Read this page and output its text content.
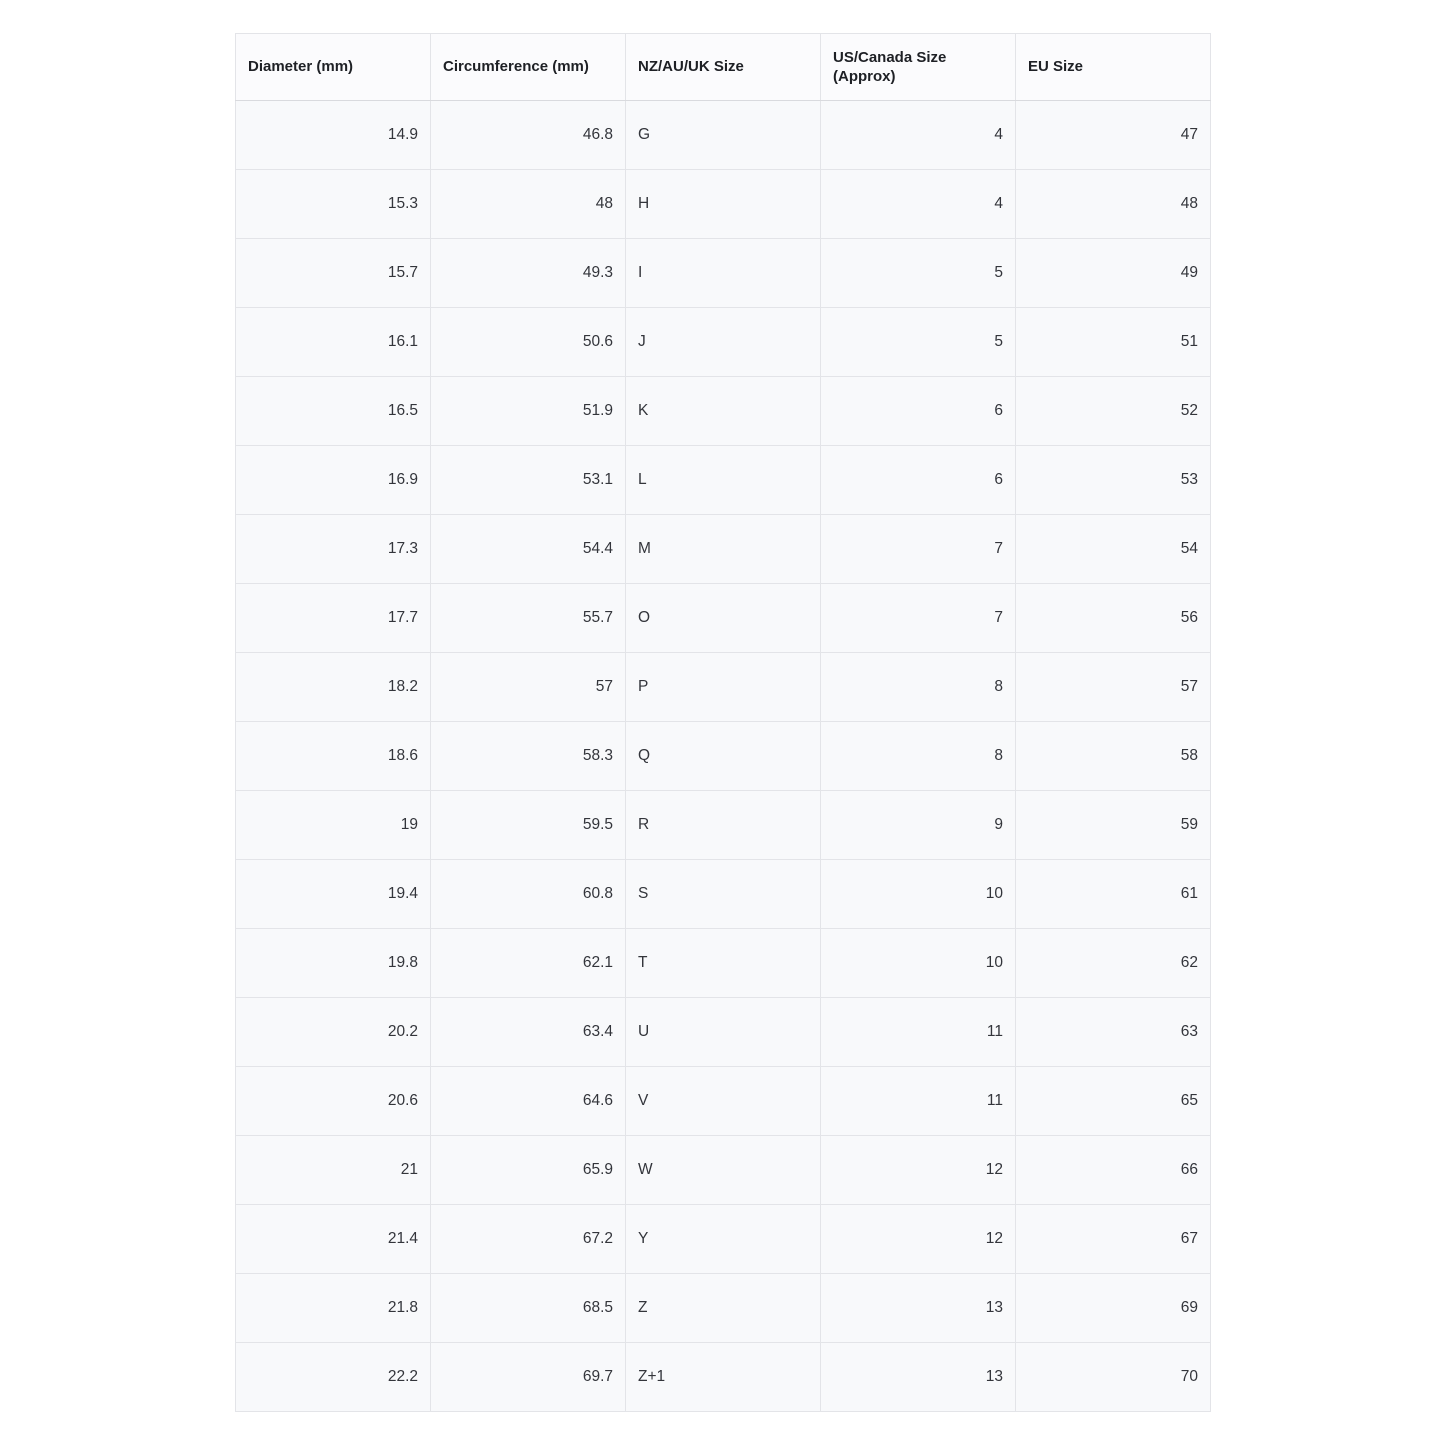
Diameter (mm)	Circumference (mm)	NZ/AU/UK Size	US/Canada Size (Approx)	EU Size
14.9	46.8	G	4	47
15.3	48	H	4	48
15.7	49.3	I	5	49
16.1	50.6	J	5	51
16.5	51.9	K	6	52
16.9	53.1	L	6	53
17.3	54.4	M	7	54
17.7	55.7	O	7	56
18.2	57	P	8	57
18.6	58.3	Q	8	58
19	59.5	R	9	59
19.4	60.8	S	10	61
19.8	62.1	T	10	62
20.2	63.4	U	11	63
20.6	64.6	V	11	65
21	65.9	W	12	66
21.4	67.2	Y	12	67
21.8	68.5	Z	13	69
22.2	69.7	Z+1	13	70
